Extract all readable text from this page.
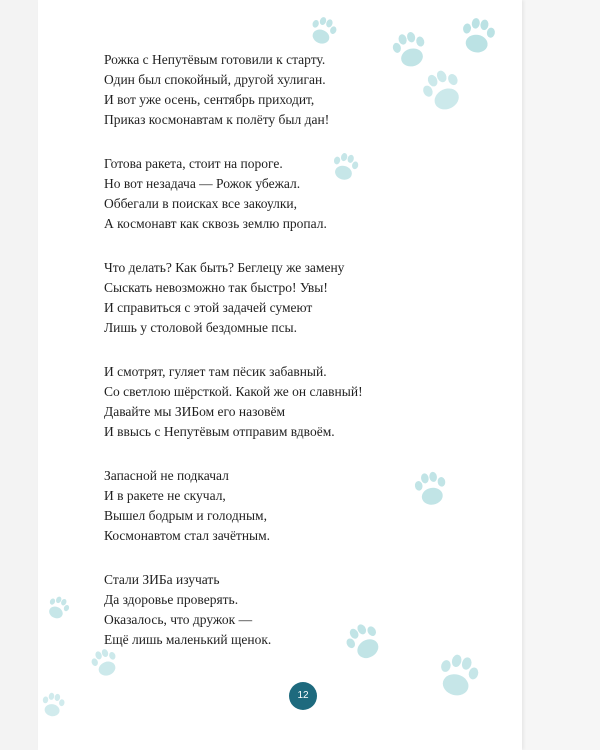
Рожка с Непутёвым готовили к старту.
Один был спокойный, другой хулиган.
И вот уже осень, сентябрь приходит,
Приказ космонавтам к полёту был дан!
Готова ракета, стоит на пороге.
Но вот незадача — Рожок убежал.
Оббегали в поисках все закоулки,
А космонавт как сквозь землю пропал.
Что делать? Как быть? Беглецу же замену
Сыскать невозможно так быстро! Увы!
И справиться с этой задачей сумеют
Лишь у столовой бездомные псы.
И смотрят, гуляет там пёсик забавный.
Со светлою шёрсткой. Какой же он славный!
Давайте мы ЗИБом его назовём
И ввысь с Непутёвым отправим вдвоём.
Запасной не подкачал
И в ракете не скучал,
Вышел бодрым и голодным,
Космонавтом стал зачётным.
Стали ЗИБа изучать
Да здоровье проверять.
Оказалось, что дружок —
Ещё лишь маленький щенок.
12
